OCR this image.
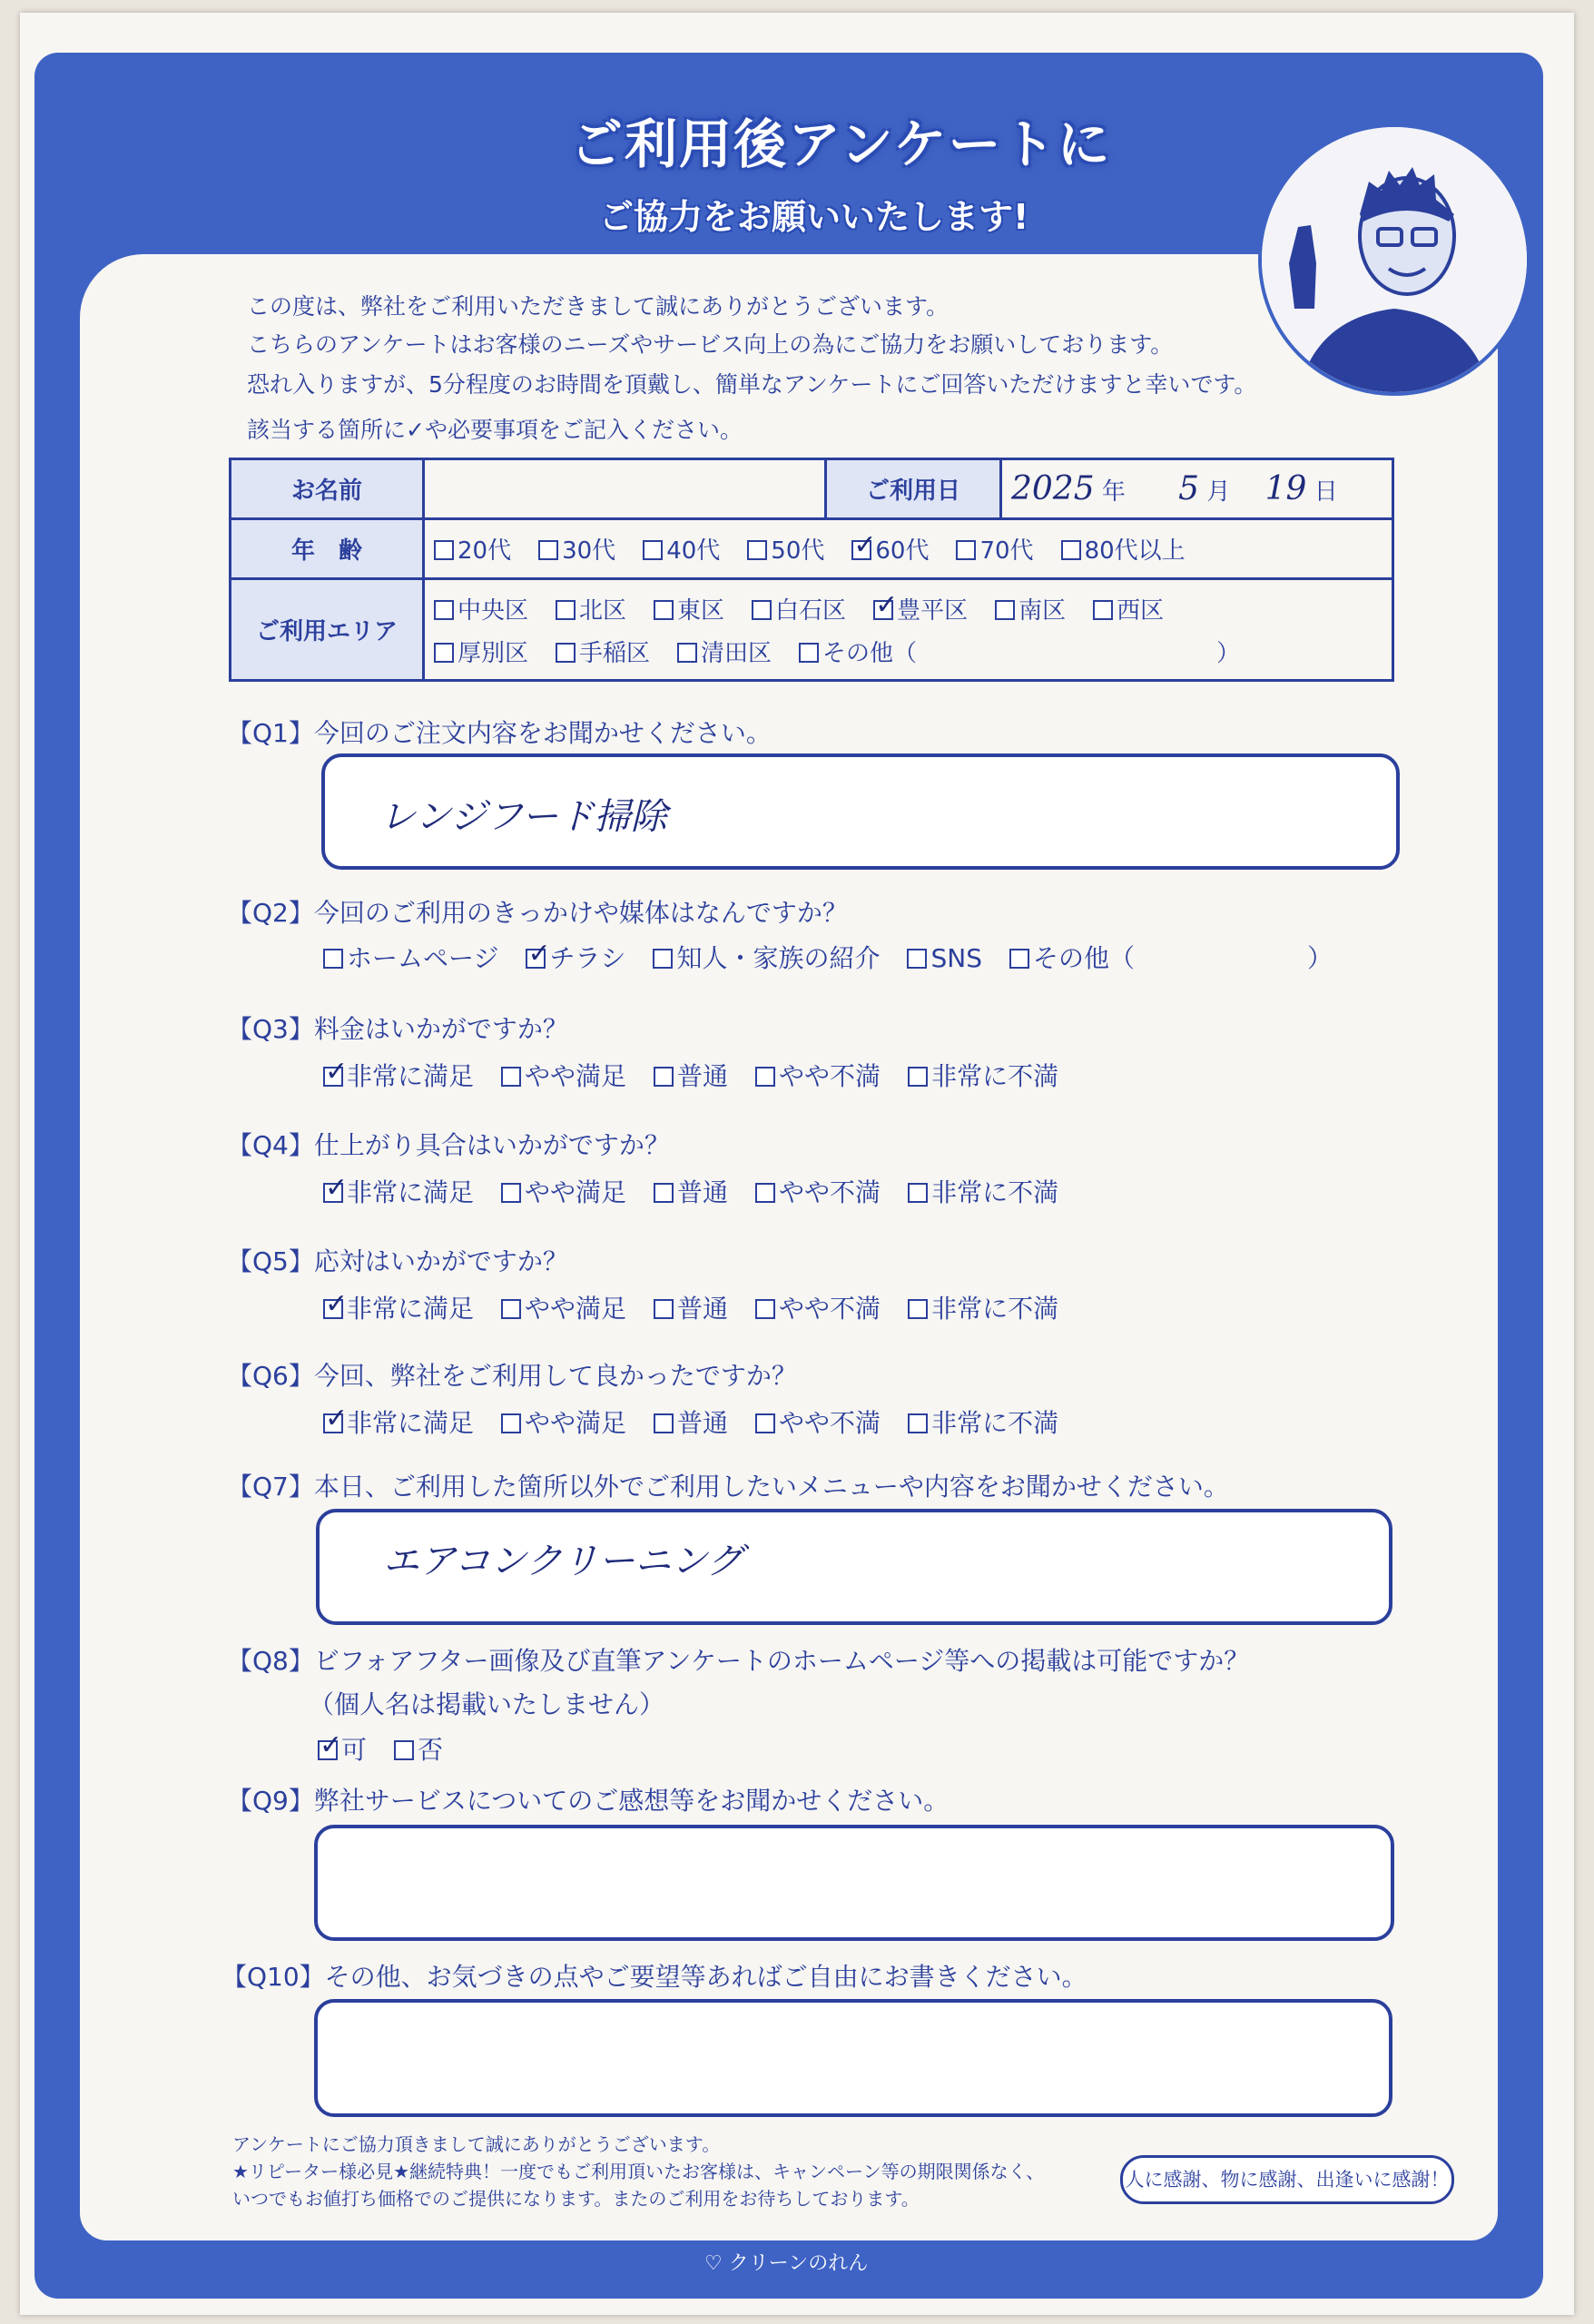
ご利用後アンケートに
ご協力をお願いいたします!
この度は、弊社をご利用いただきまして誠にありがとうございます。
こちらのアンケートはお客様のニーズやサービス向上の為にご協力をお願いしております。
恐れ入りますが、5分程度のお時間を頂戴し、簡単なアンケートにご回答いただけますと幸いです。
該当する箇所に✓や必要事項をご記入ください。
お名前		ご利用日	2025 年 5 月 19 日
年　齢	20代 30代 40代 50代 ✓ 60代 70代 80代以上
ご利用エリア	中央区 北区 東区 白石区 ✓ 豊平区 南区 西区
厚別区 手稲区 清田区 その他（ ）
【Q1】今回のご注文内容をお聞かせください。
レンジフード掃除
【Q2】今回のご利用のきっかけや媒体はなんですか？
ホームページ ✓ チラシ 知人・家族の紹介 SNS その他（	）
【Q3】料金はいかがですか？
✓非常に満足 やや満足 普通 やや不満 非常に不満
【Q4】仕上がり具合はいかがですか？
✓非常に満足 やや満足 普通 やや不満 非常に不満
【Q5】応対はいかがですか？
✓非常に満足 やや満足 普通 やや不満 非常に不満
【Q6】今回、弊社をご利用して良かったですか？
✓非常に満足 やや満足 普通 やや不満 非常に不満
【Q7】本日、ご利用した箇所以外でご利用したいメニューや内容をお聞かせください。
エアコンクリーニング
【Q8】ビフォアフター画像及び直筆アンケートのホームページ等への掲載は可能ですか？
（個人名は掲載いたしません）
✓可 否
【Q9】弊社サービスについてのご感想等をお聞かせください。
【Q10】その他、お気づきの点やご要望等あればご自由にお書きください。
アンケートにご協力頂きまして誠にありがとうございます。
★リピーター様必見★継続特典！一度でもご利用頂いたお客様は、キャンペーン等の期限関係なく、
いつでもお値打ち価格でのご提供になります。またのご利用をお待ちしております。
人に感謝、物に感謝、出逢いに感謝！
♡ クリーンのれん
